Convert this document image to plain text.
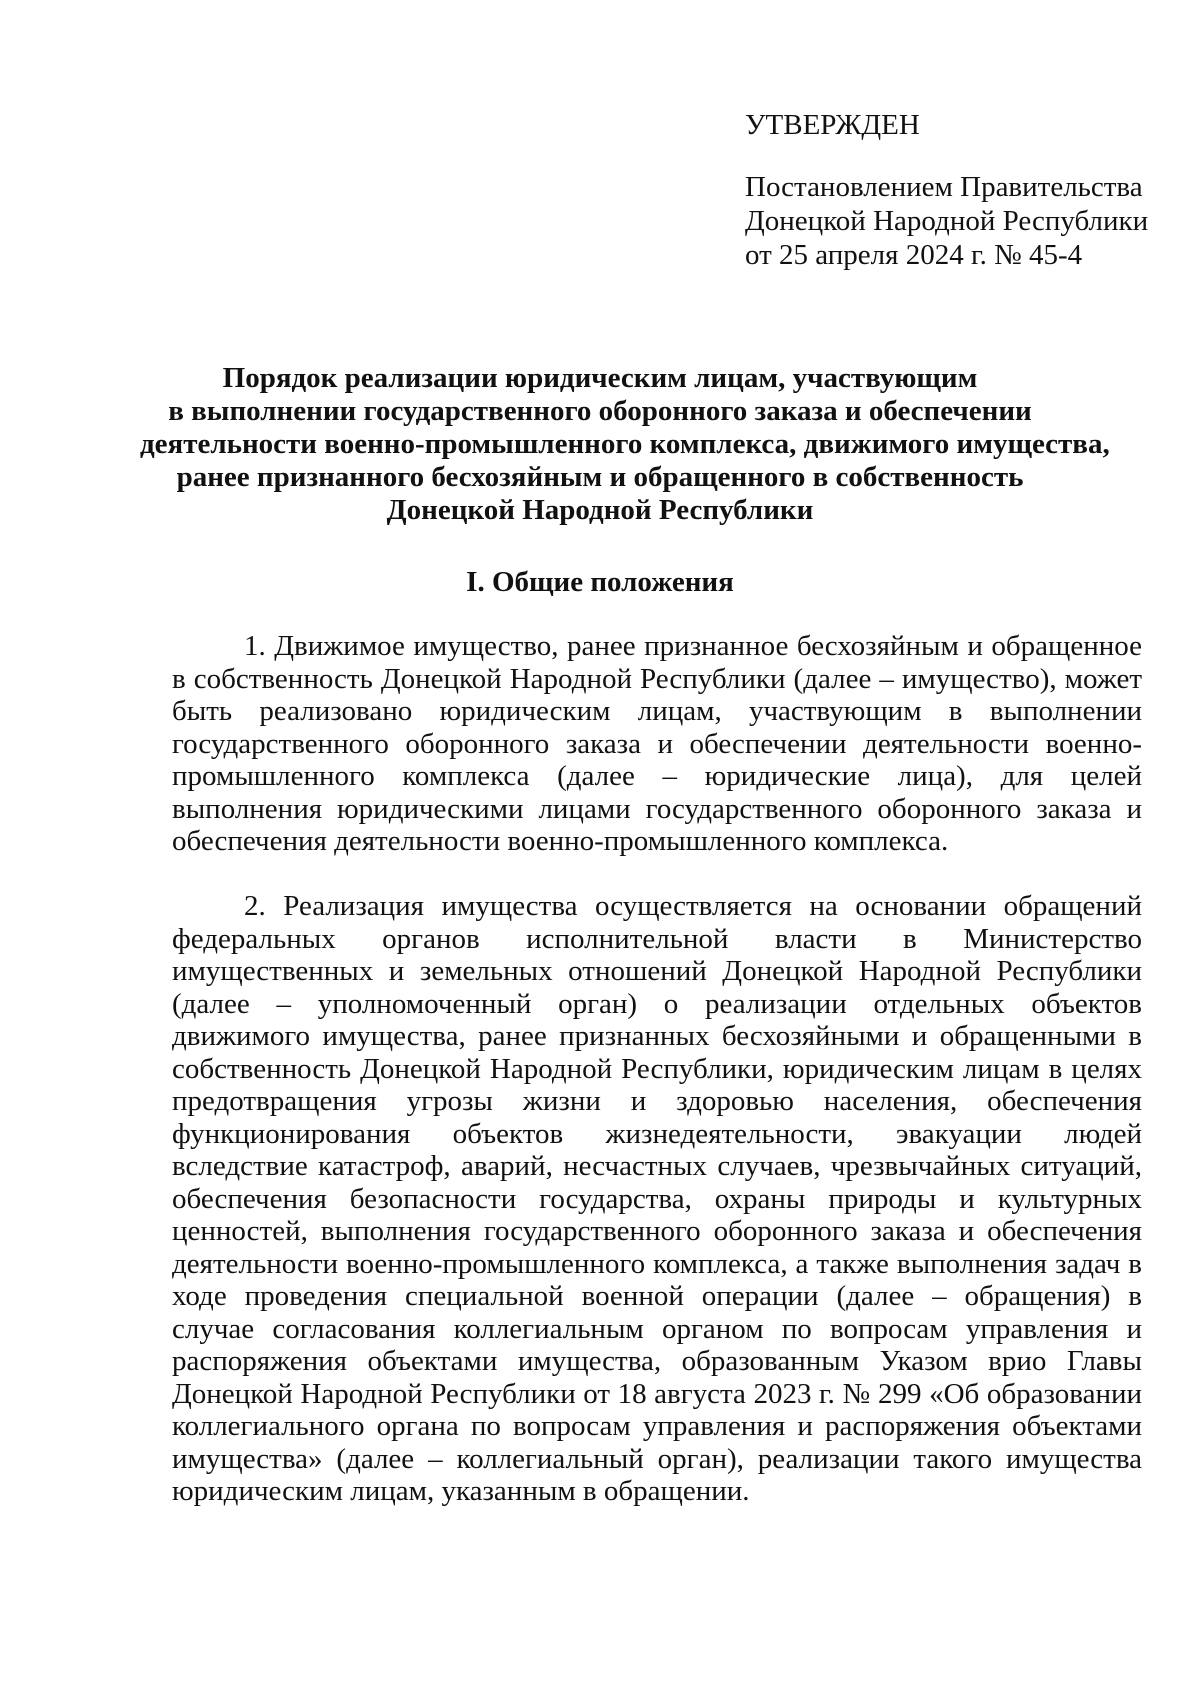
УТВЕРЖДЕН
Постановлением Правительства
Донецкой Народной Республики
от 25 апреля 2024 г. № 45-4
Порядок реализации юридическим лицам, участвующим
в выполнении государственного оборонного заказа и обеспечении
деятельности военно-промышленного комплекса, движимого имущества,
ранее признанного бесхозяйным и обращенного в собственность
Донецкой Народной Республики
I. Общие положения

1. Движимое имущество, ранее признанное бесхозяйным и обращенное в собственность Донецкой Народной Республики (далее – имущество), может быть реализовано юридическим лицам, участвующим в выполнении государственного оборонного заказа и обеспечении деятельности военно-промышленного комплекса (далее – юридические лица), для целей выполнения юридическими лицами государственного оборонного заказа и обеспечения деятельности военно-промышленного комплекса.

2. Реализация имущества осуществляется на основании обращений федеральных органов исполнительной власти в Министерство имущественных и земельных отношений Донецкой Народной Республики (далее – уполномоченный орган) о реализации отдельных объектов движимого имущества, ранее признанных бесхозяйными и обращенными в собственность Донецкой Народной Республики, юридическим лицам в целях предотвращения угрозы жизни и здоровью населения, обеспечения функционирования объектов жизнедеятельности, эвакуации людей вследствие катастроф, аварий, несчастных случаев, чрезвычайных ситуаций, обеспечения безопасности государства, охраны природы и культурных ценностей, выполнения государственного оборонного заказа и обеспечения деятельности военно-промышленного комплекса, а также выполнения задач в ходе проведения специальной военной операции (далее – обращения) в случае согласования коллегиальным органом по вопросам управления и распоряжения объектами имущества, образованным Указом врио Главы Донецкой Народной Республики от 18 августа 2023 г. № 299 «Об образовании коллегиального органа по вопросам управления и распоряжения объектами имущества» (далее – коллегиальный орган), реализации такого имущества юридическим лицам, указанным в обращении.
